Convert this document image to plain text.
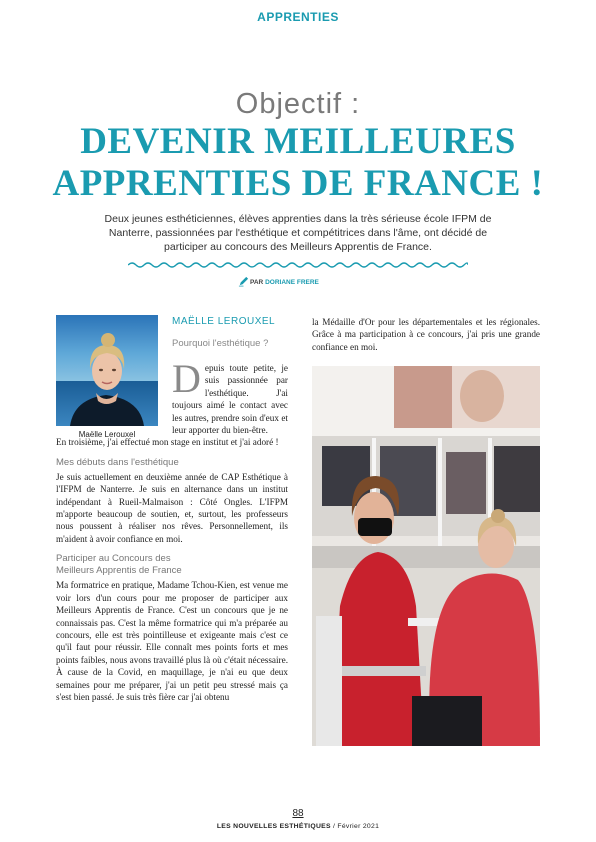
APPRENTIES
Objectif :
DEVENIR MEILLEURES
APPRENTIES DE FRANCE !
Deux jeunes esthéticiennes, élèves apprenties dans la très sérieuse école IFPM de Nanterre, passionnées par l'esthétique et compétitrices dans l'âme, ont décidé de participer au concours des Meilleurs Apprentis de France.
PAR DORIANE FRERE
Maëlle Lerouxel
MAËLLE LEROUXEL
Pourquoi l'esthétique ?

Depuis toute petite, je suis passionnée par l'esthétique. J'ai toujours aimé le contact avec les autres, prendre soin d'eux et leur apporter du bien-être.

En troisième, j'ai effectué mon stage en institut et j'ai adoré !

Mes débuts dans l'esthétique

Je suis actuellement en deuxième année de CAP Esthétique à l'IFPM de Nanterre. Je suis en alternance dans un institut indépendant à Rueil-Malmaison : Côté Ongles. L'IFPM m'apporte beaucoup de soutien, et, surtout, les professeurs nous poussent à réaliser nos rêves. Personnellement, ils m'aident à avoir confiance en moi.

Participer au Concours des
Meilleurs Apprentis de France

Ma formatrice en pratique, Madame Tchou-Kien, est venue me voir lors d'un cours pour me proposer de participer aux Meilleurs Apprentis de France. C'est un concours que je ne connaissais pas. C'est la même formatrice qui m'a préparée au concours, elle est très pointilleuse et exigeante mais c'est ce qu'il faut pour réussir. Elle connaît mes points forts et mes points faibles, nous avons travaillé plus là où c'était nécessaire. À cause de la Covid, en maquillage, je n'ai eu que deux semaines pour me préparer, j'ai un petit peu stressé mais ça s'est bien passé. Je suis très fière car j'ai obtenu

la Médaille d'Or pour les départementales et les régionales. Grâce à ma participation à ce concours, j'ai pris une grande confiance en moi.
88
LES NOUVELLES ESTHÉTIQUES / Février 2021
